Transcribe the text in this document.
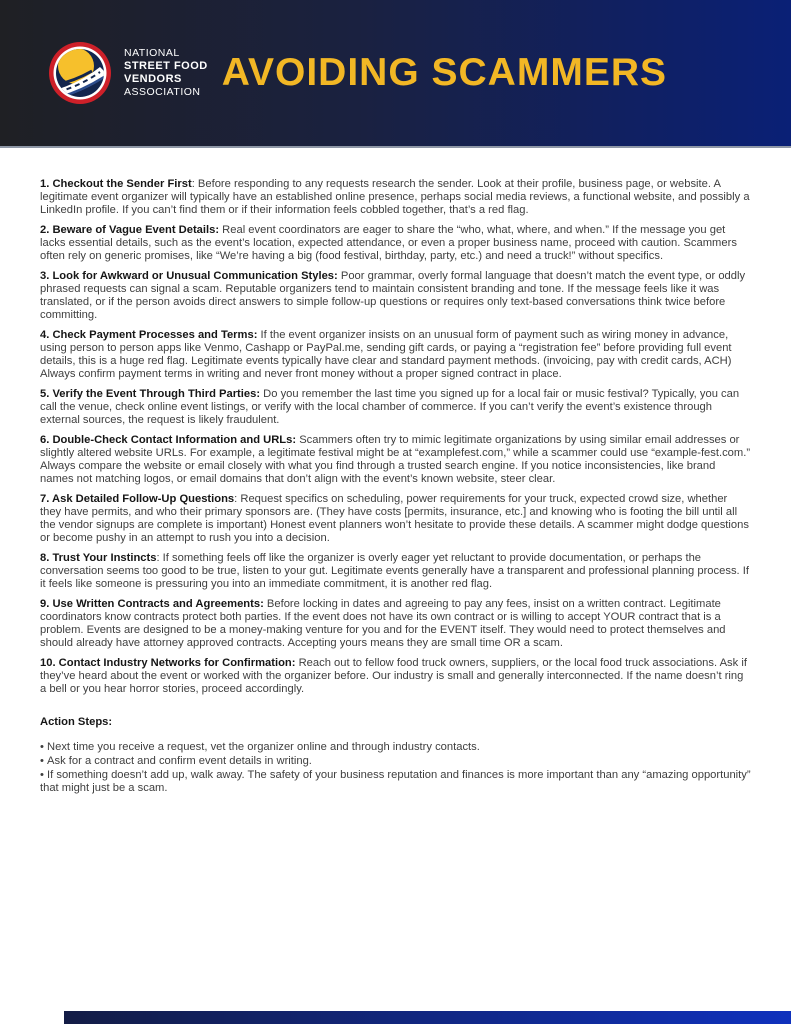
NATIONAL
STREET FOOD
VENDORS
ASSOCIATION AVOIDING SCAMMERS

1. Checkout the Sender First: Before responding to any requests research the sender. Look at their profile, business page, or website. A legitimate event organizer will typically have an established online presence, perhaps social media reviews, a functional website, and possibly a LinkedIn profile. If you can’t find them or if their information feels cobbled together, that’s a red flag.

2. Beware of Vague Event Details: Real event coordinators are eager to share the “who, what, where, and when.” If the message you get lacks essential details, such as the event’s location, expected attendance, or even a proper business name, proceed with caution. Scammers often rely on generic promises, like “We’re having a big (food festival, birthday, party, etc.) and need a truck!” without specifics.

3. Look for Awkward or Unusual Communication Styles: Poor grammar, overly formal language that doesn’t match the event type, or oddly phrased requests can signal a scam. Reputable organizers tend to maintain consistent branding and tone. If the message feels like it was translated, or if the person avoids direct answers to simple follow-up questions or requires only text-based conversations think twice before committing.

4. Check Payment Processes and Terms: If the event organizer insists on an unusual form of payment such as wiring money in advance, using person to person apps like Venmo, Cashapp or PayPal.me, sending gift cards, or paying a “registration fee” before providing full event details, this is a huge red flag. Legitimate events typically have clear and standard payment methods. (invoicing, pay with credit cards, ACH) Always confirm payment terms in writing and never front money without a proper signed contract in place.

5. Verify the Event Through Third Parties: Do you remember the last time you signed up for a local fair or music festival? Typically, you can call the venue, check online event listings, or verify with the local chamber of commerce. If you can’t verify the event’s existence through external sources, the request is likely fraudulent.

6. Double-Check Contact Information and URLs: Scammers often try to mimic legitimate organizations by using similar email addresses or slightly altered website URLs. For example, a legitimate festival might be at “examplefest.com,” while a scammer could use “example-fest.com.” Always compare the website or email closely with what you find through a trusted search engine. If you notice inconsistencies, like brand names not matching logos, or email domains that don’t align with the event’s known website, steer clear.

7. Ask Detailed Follow-Up Questions: Request specifics on scheduling, power requirements for your truck, expected crowd size, whether they have permits, and who their primary sponsors are. (They have costs [permits, insurance, etc.] and knowing who is footing the bill until all the vendor signups are complete is important) Honest event planners won’t hesitate to provide these details. A scammer might dodge questions or become pushy in an attempt to rush you into a decision.

8. Trust Your Instincts: If something feels off like the organizer is overly eager yet reluctant to provide documentation, or perhaps the conversation seems too good to be true, listen to your gut. Legitimate events generally have a transparent and professional planning process. If it feels like someone is pressuring you into an immediate commitment, it is another red flag.

9. Use Written Contracts and Agreements: Before locking in dates and agreeing to pay any fees, insist on a written contract. Legitimate coordinators know contracts protect both parties. If the event does not have its own contract or is willing to accept YOUR contract that is a problem. Events are designed to be a money-making venture for you and for the EVENT itself. They would need to protect themselves and should already have attorney approved contracts. Accepting yours means they are small time OR a scam.

10. Contact Industry Networks for Confirmation: Reach out to fellow food truck owners, suppliers, or the local food truck associations. Ask if they’ve heard about the event or worked with the organizer before. Our industry is small and generally interconnected. If the name doesn’t ring a bell or you hear horror stories, proceed accordingly.

Action Steps:
• Next time you receive a request, vet the organizer online and through industry contacts.
• Ask for a contract and confirm event details in writing.
• If something doesn’t add up, walk away. The safety of your business reputation and finances is more important than any “amazing opportunity” that might just be a scam.
